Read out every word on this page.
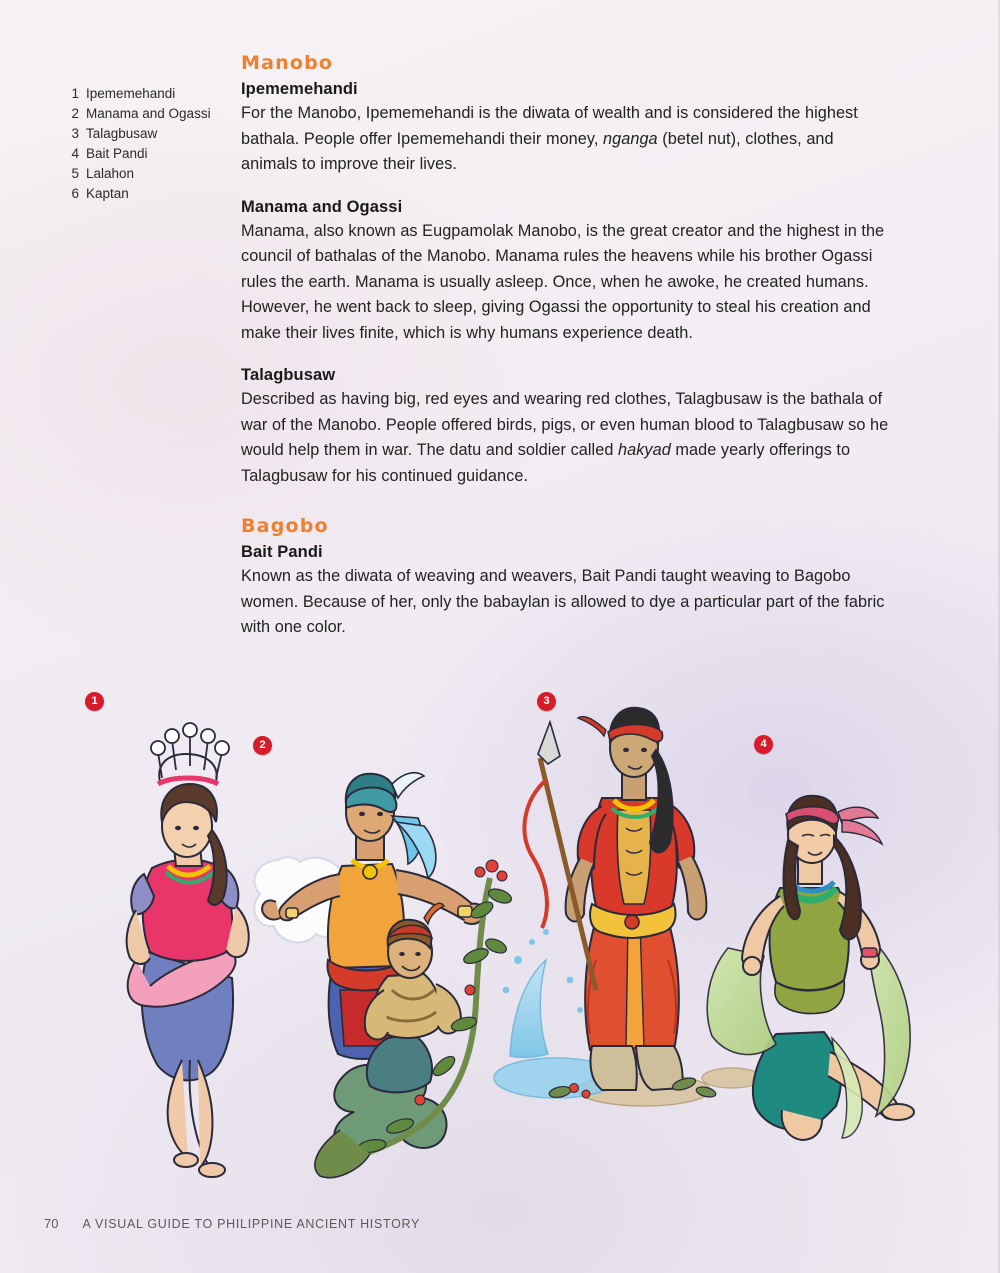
1 Ipememehandi
2 Manama and Ogassi
3 Talagbusaw
4 Bait Pandi
5 Lalahon
6 Kaptan
Manobo
Ipememehandi

For the Manobo, Ipememehandi is the diwata of wealth and is considered the highest bathala. People offer Ipememehandi their money, nganga (betel nut), clothes, and animals to improve their lives.

Manama and Ogassi

Manama, also known as Eugpamolak Manobo, is the great creator and the highest in the council of bathalas of the Manobo. Manama rules the heavens while his brother Ogassi rules the earth. Manama is usually asleep. Once, when he awoke, he created humans. However, he went back to sleep, giving Ogassi the opportunity to steal his creation and make their lives finite, which is why humans experience death.

Talagbusaw

Described as having big, red eyes and wearing red clothes, Talagbusaw is the bathala of war of the Manobo. People offered birds, pigs, or even human blood to Talagbusaw so he would help them in war. The datu and soldier called hakyad made yearly offerings to Talagbusaw for his continued guidance.

Bagobo
Bait Pandi

Known as the diwata of weaving and weavers, Bait Pandi taught weaving to Bagobo women. Because of her, only the babaylan is allowed to dye a particular part of the fabric with one color.

1
2
3
4
70 A VISUAL GUIDE TO PHILIPPINE ANCIENT HISTORY
